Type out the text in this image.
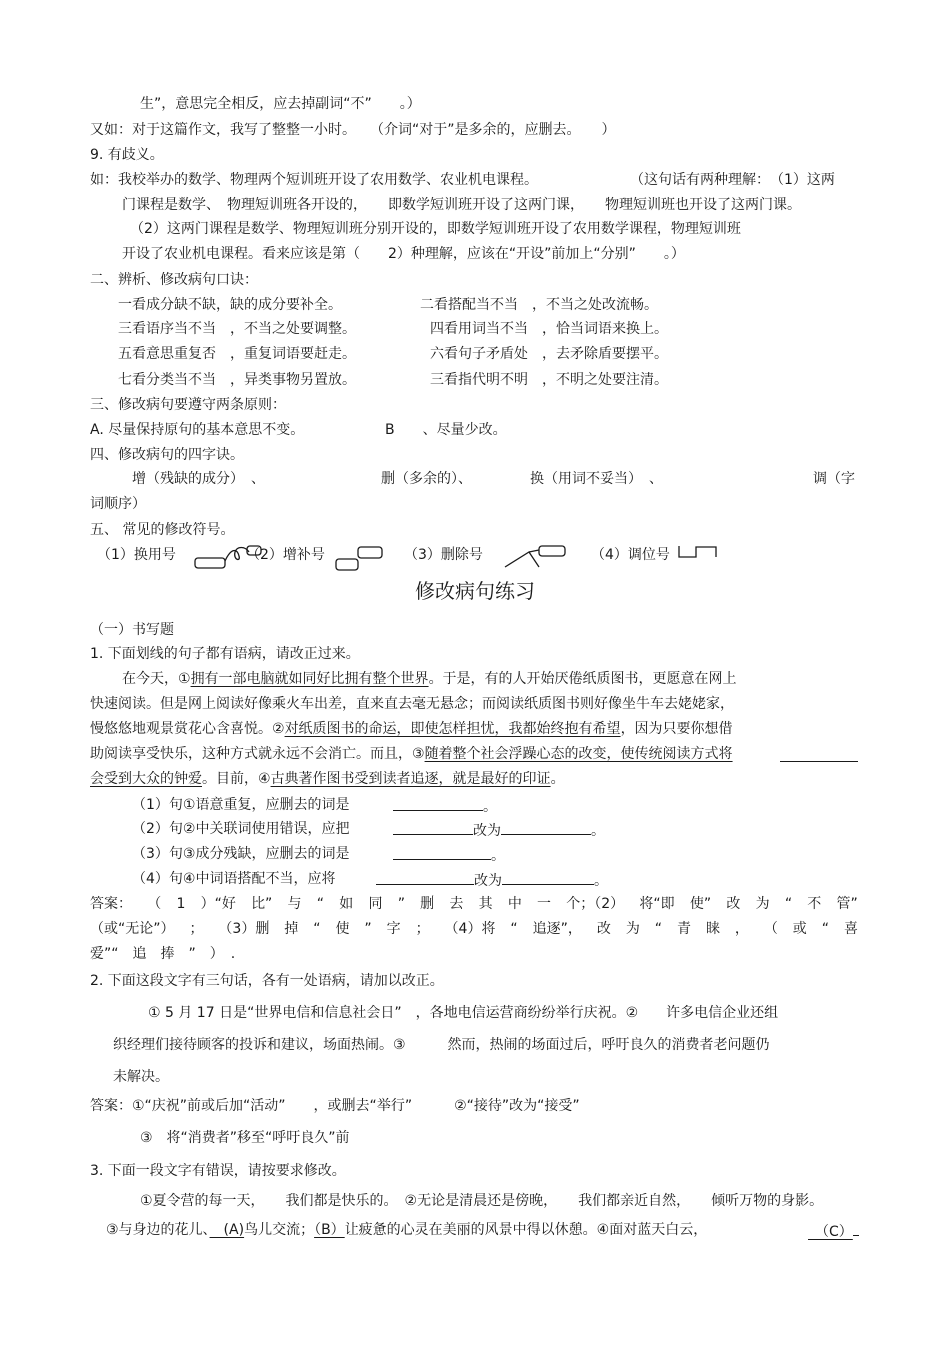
生”，意思完全相反，应去掉副词“不”　　。）
又如：对于这篇作文，我写了整整一小时。　　（介词“对于”是多余的，应删去。　　）
9. 有歧义。
如：我校举办的数学、物理两个短训班开设了农用数学、农业机电课程。	（这句话有两种理解：　（1）这两
门课程是数学、　物理短训班各开设的，　　即数学短训班开设了这两门课，　　物理短训班也开设了这两门课。
（2）这两门课程是数学、物理短训班分别开设的，即数学短训班开设了农用数学课程，物理短训班
开设了农业机电课程。看来应该是第（　　2）种理解，应该在“开设”前加上“分别”　　。）
二、辨析、修改病句口诀：
一看成分缺不缺，缺的成分要补全。	二看搭配当不当　，不当之处改流畅。
三看语序当不当　，不当之处要调整。	四看用词当不当　，恰当词语来换上。
五看意思重复否　，重复词语要赶走。	六看句子矛盾处　，去矛除盾要摆平。
七看分类当不当　，异类事物另置放。	三看指代明不明　，不明之处要注清。
三、修改病句要遵守两条原则：
A. 尽量保持原句的基本意思不变。	B　　、尽量少改。
四、修改病句的四字诀。
增（残缺的成分）　、	删（多余的）、	换（用词不妥当）　、	调（字
词顺序）
五、 常见的修改符号。
（1）换用号	（2）增补号	（3）删除号	（4）调位号
修改病句练习
（一）书写题
1. 下面划线的句子都有语病，请改正过来。
在今天，①拥有一部电脑就如同好比拥有整个世界。于是，有的人开始厌倦纸质图书，更愿意在网上
快速阅读。但是网上阅读好像乘火车出差，直来直去毫无悬念；而阅读纸质图书则好像坐牛车去姥姥家，
慢悠悠地观景赏花心含喜悦。②对纸质图书的命运，即使怎样担忧，我都始终抱有希望，因为只要你想借
助阅读享受快乐，这种方式就永远不会消亡。而且，③随着整个社会浮躁心态的改变，使传统阅读方式将
会受到大众的钟爱。目前，④古典著作图书受到读者追逐，就是最好的印证。
（1）句①语意重复，应删去的词是	。
（2）句②中关联词使用错误，应把	改为	。
（3）句③成分残缺，应删去的词是	。
（4）句④中词语搭配不当，应将	改为	。
答案： （ 1 ）“好 比” 与 “ 如 同 ” 删 去 其 中 一 个；（2） 将“即 使” 改 为 “ 不 管”
（或“无论”） ； （3）删 掉 “ 使 ” 字 ； （4）将 “ 追逐”， 改 为 “ 青 睐 ， （ 或 “ 喜
爱”“　追　捧　”　）　.
2. 下面这段文字有三句话，各有一处语病，请加以改正。
① 5 月 17 日是“世界电信和信息社会日”　，各地电信运营商纷纷举行庆祝。②　　许多电信企业还组
织经理们接待顾客的投诉和建议，场面热闹。③　　　然而，热闹的场面过后，呼吁良久的消费者老问题仍
未解决。
答案：①“庆祝”前或后加“活动”　　，或删去“举行”　　　②“接待”改为“接受”
③　将“消费者”移至“呼吁良久”前
3. 下面一段文字有错误，请按要求修改。
①夏令营的每一天，　　我们都是快乐的。　②无论是清晨还是傍晚，　　我们都亲近自然，　　倾听万物的身影。
③与身边的花儿、　(A)鸟儿交流；（B）让疲惫的心灵在美丽的风景中得以休憩。④面对蓝天白云，	　（C）
